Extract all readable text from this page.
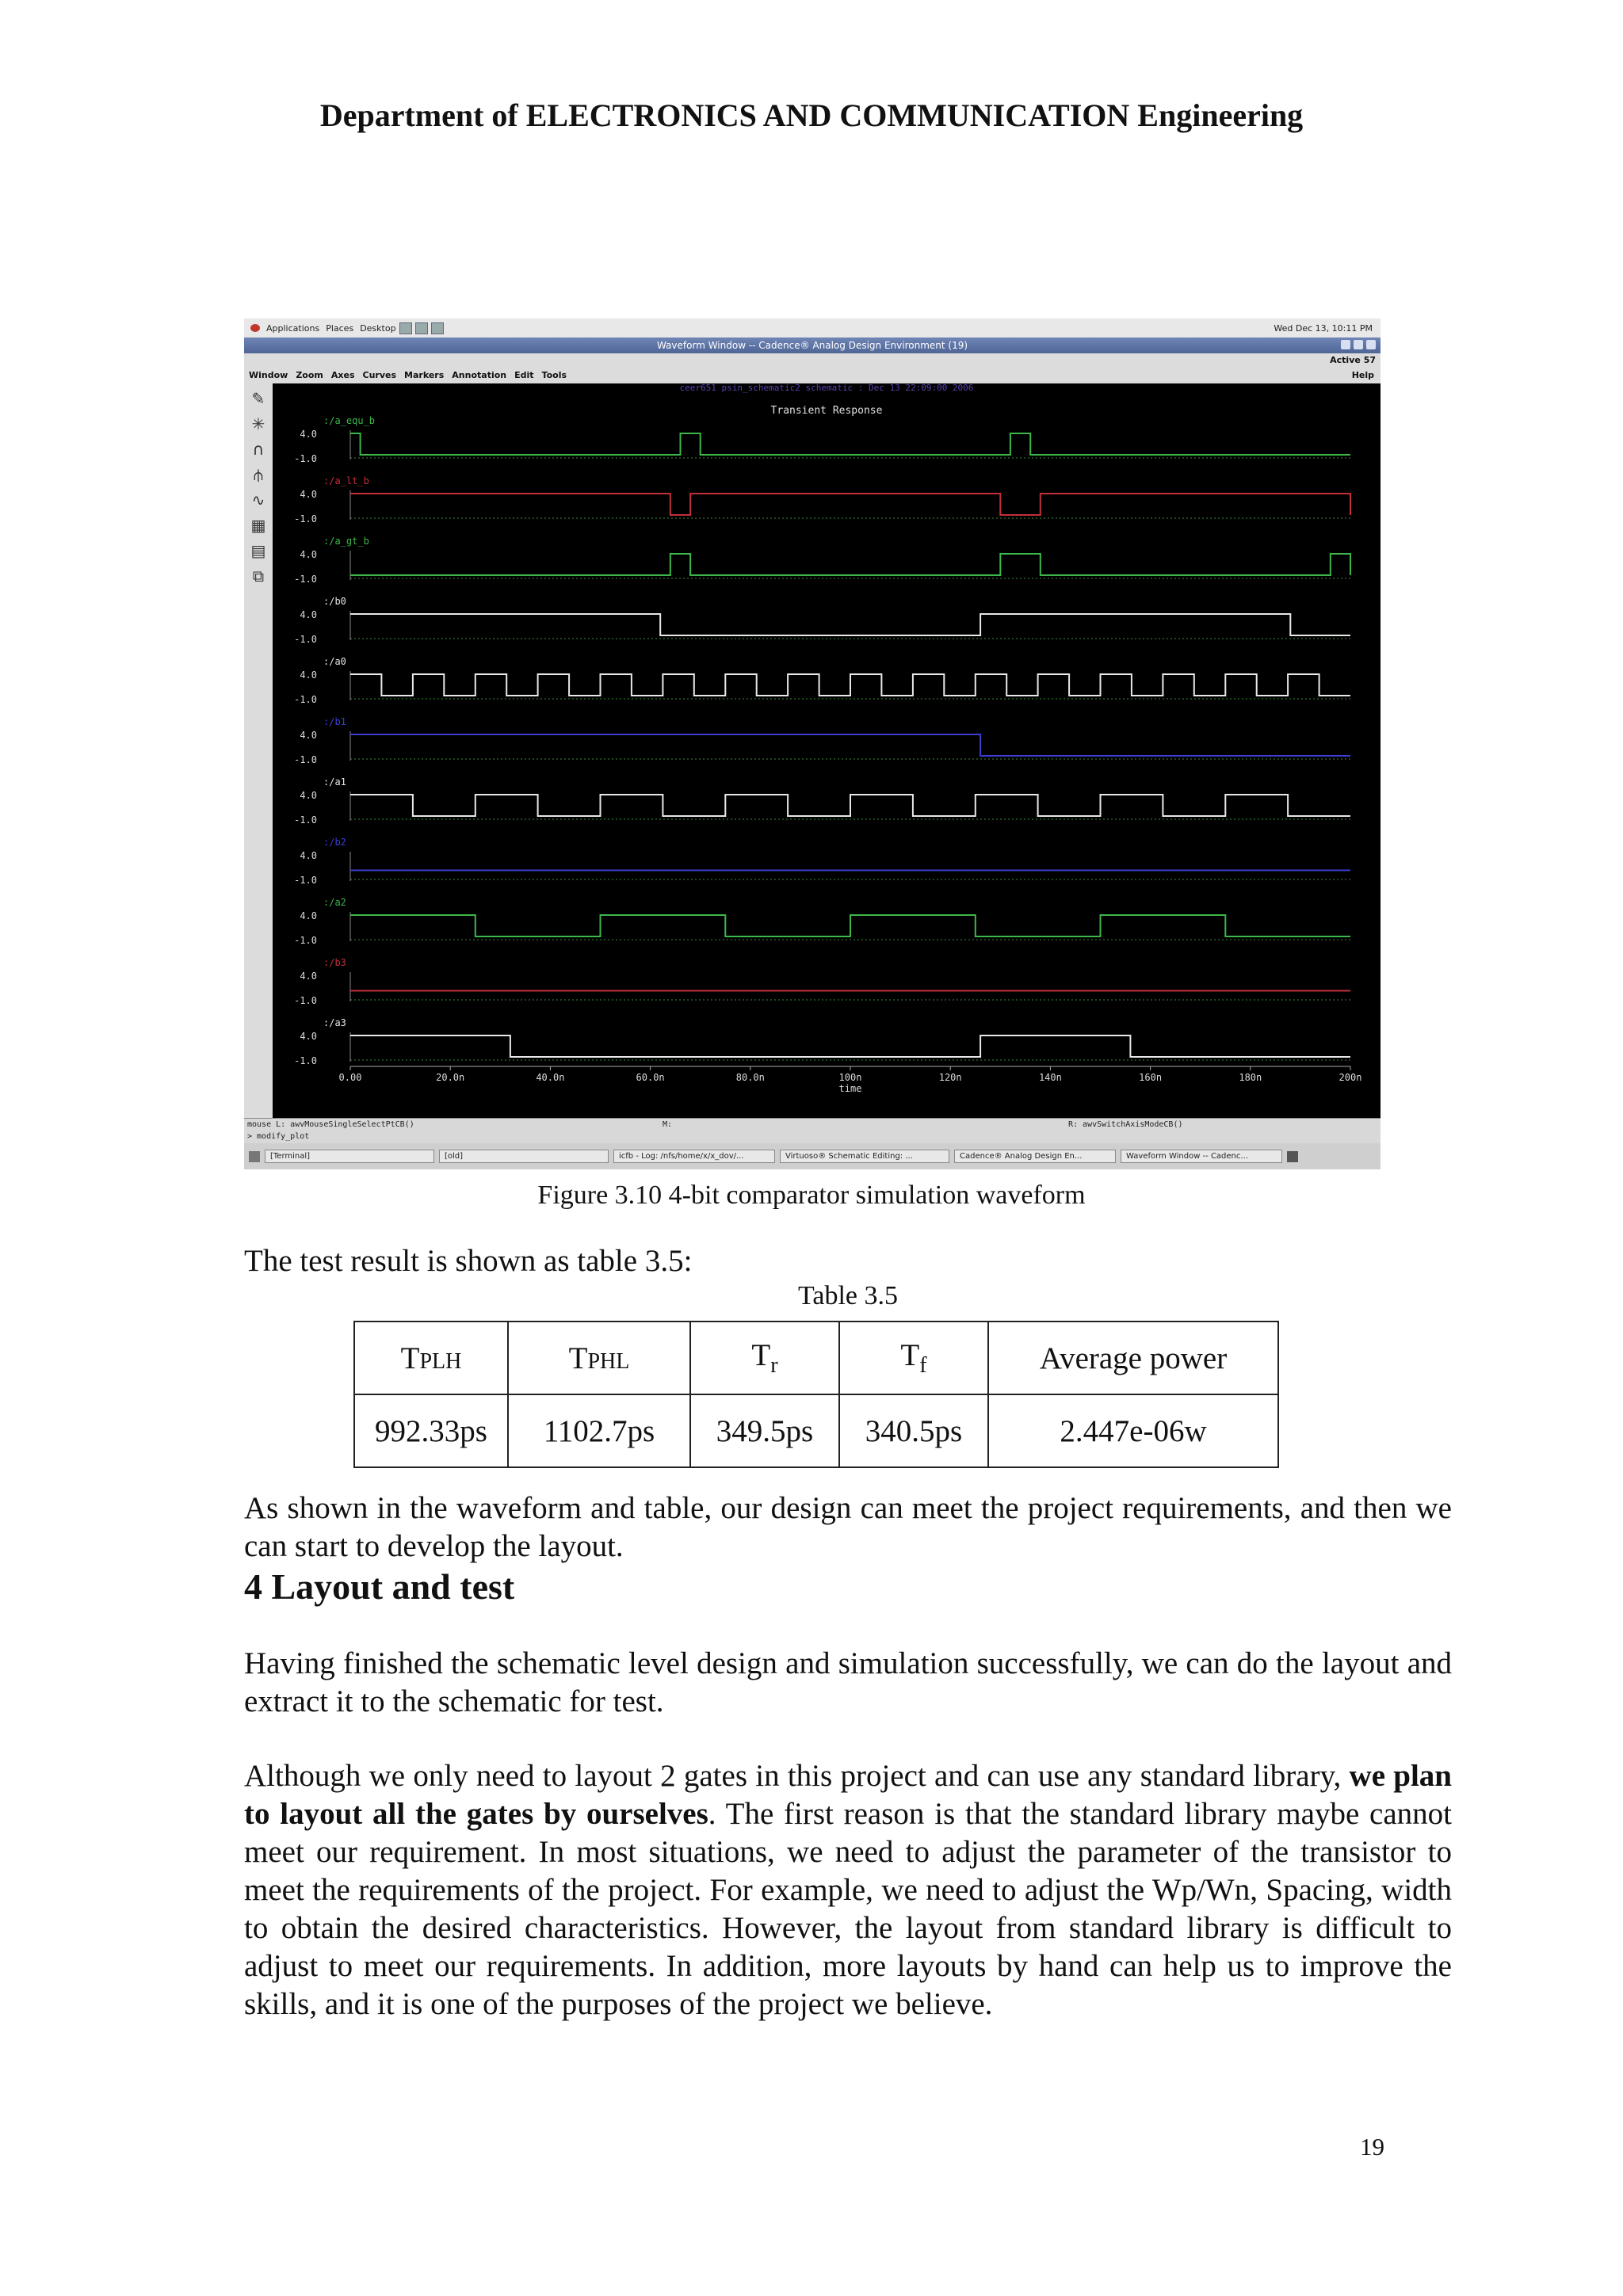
Department of ELECTRONICS AND COMMUNICATION Engineering
Applications Places Desktop	Wed Dec 13, 10:11 PM
Waveform Window -- Cadence® Analog Design Environment (19)
Active 57
Window Zoom Axes Curves Markers Annotation Edit Tools	Help
✎
✳
∩
⫛
∿
▦
▤
⧉
ceer651 psin_schematic2 schematic : Dec 13 22:09:00 2006
Transient Response
4.0
-1.0
:/a_equ_b
4.0
-1.0
:/a_lt_b
4.0
-1.0
:/a_gt_b
4.0
-1.0
:/b0
4.0
-1.0
:/a0
4.0
-1.0
:/b1
4.0
-1.0
:/a1
4.0
-1.0
:/b2
4.0
-1.0
:/a2
4.0
-1.0
:/b3
4.0
-1.0
:/a3
0.00	20.0n	40.0n	60.0n	80.0n	100n	120n	140n	160n	180n	200n
time
mouse L: awvMouseSingleSelectPtCB()	M:	R: awvSwitchAxisModeCB()
> modify_plot
[Terminal]	[old]	icfb - Log: /nfs/home/x/x_dov/...	Virtuoso® Schematic Editing: ...	Cadence® Analog Design En...	Waveform Window -- Cadenc...
Figure 3.10 4-bit comparator simulation waveform
The test result is shown as table 3.5:
Table 3.5
TPLH	TPHL	$T_r$	$T_f$	Average power
992.33ps	1102.7ps	349.5ps	340.5ps	2.447e-06w
As shown in the waveform and table, our design can meet the project requirements, and then we can start to develop the layout.
4 Layout and test
Having finished the schematic level design and simulation successfully, we can do the layout and extract it to the schematic for test.
Although we only need to layout 2 gates in this project and can use any standard library, we plan to layout all the gates by ourselves. The first reason is that the standard library maybe cannot meet our requirement. In most situations, we need to adjust the parameter of the transistor to meet the requirements of the project. For example, we need to adjust the Wp/Wn, Spacing, width to obtain the desired characteristics. However, the layout from standard library is difficult to adjust to meet our requirements. In addition, more layouts by hand can help us to improve the skills, and it is one of the purposes of the project we believe.
19
